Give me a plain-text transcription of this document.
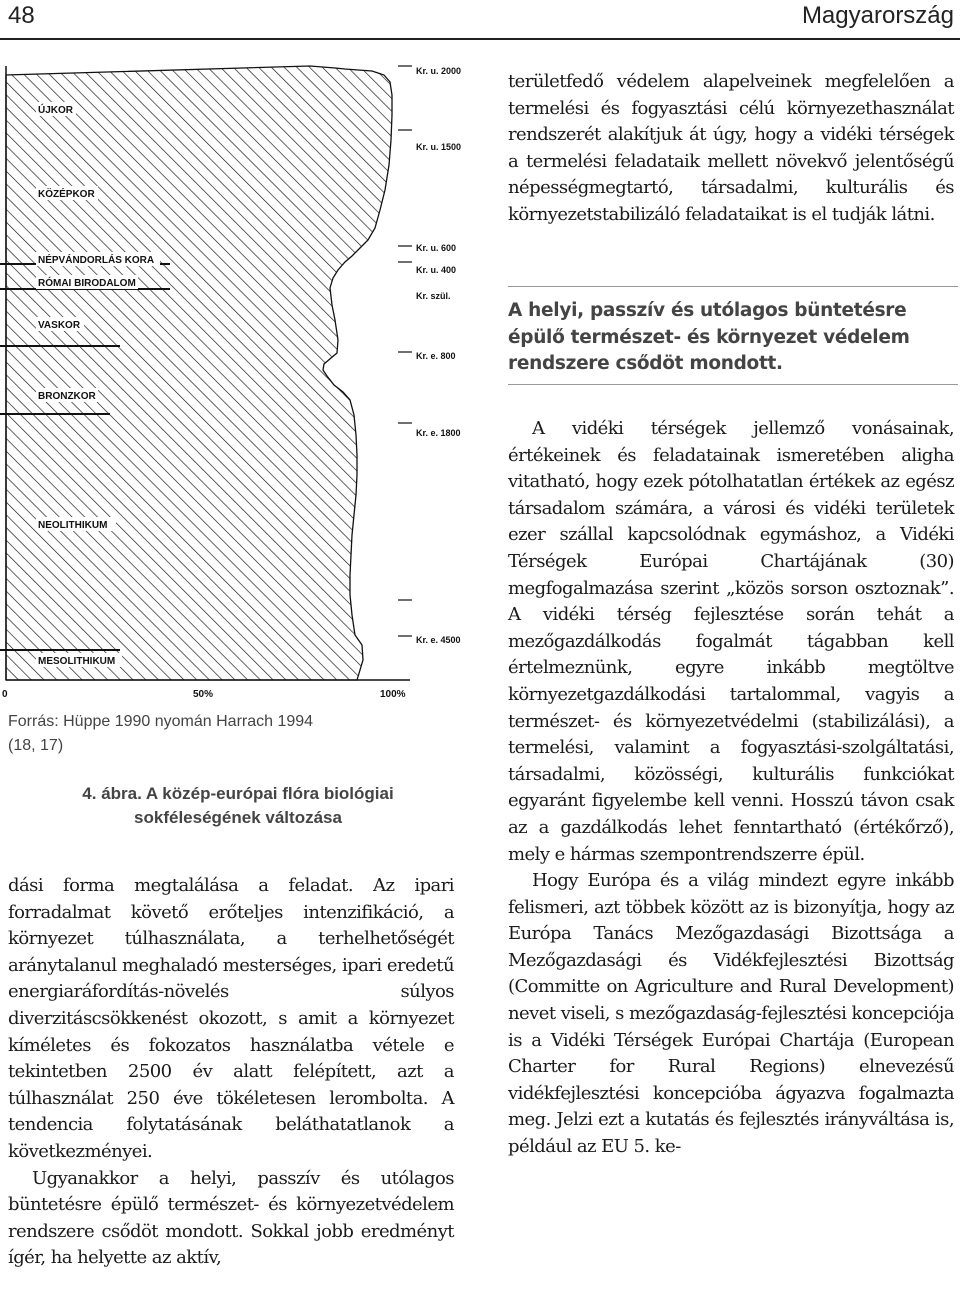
48	Magyarország
ÚJKOR
KÖZÉPKOR
NÉPVÁNDORLÁS KORA
RÓMAI BIRODALOM
VASKOR
BRONZKOR
NEOLITHIKUM
MESOLITHIKUM
Kr. u. 2000
Kr. u. 1500
Kr. u. 600
Kr. u. 400
Kr. szül.
Kr. e. 800
Kr. e. 1800
Kr. e. 4500
0	50%	100%
Forrás: Hüppe 1990 nyomán Harrach 1994 (18, 17)
4. ábra. A közép-európai flóra biológiai
sokféleségének változása

dási forma megtalálása a feladat. Az ipari forradalmat követő erőteljes intenzifikáció, a környezet túlhasználata, a terhelhetőségét aránytalanul meghaladó mesterséges, ipari eredetű energiaráfordítás-növelés súlyos diverzitáscsökkenést okozott, s amit a környezet kíméletes és fokozatos használatba vétele e tekintetben 2500 év alatt felépített, azt a túlhasználat 250 éve tökéletesen lerombolta. A tendencia folytatásának beláthatatlanok a következményei.

Ugyanakkor a helyi, passzív és utólagos büntetésre épülő természet- és környezetvédelem rendszere csődöt mondott. Sokkal jobb eredményt ígér, ha helyette az aktív,

területfedő védelem alapelveinek megfelelően a termelési és fogyasztási célú környezethasználat rendszerét alakítjuk át úgy, hogy a vidéki térségek a termelési feladataik mellett növekvő jelentőségű népességmegtartó, társadalmi, kulturális és környezetstabilizáló feladataikat is el tudják látni.

A helyi, passzív és utólagos büntetésre épülő természet- és környezet védelem rendszere csődöt mondott.

A vidéki térségek jellemző vonásainak, értékeinek és feladatainak ismeretében aligha vitatható, hogy ezek pótolhatatlan értékek az egész társadalom számára, a városi és vidéki területek ezer szállal kapcsolódnak egymáshoz, a Vidéki Térségek Európai Chartájának (30) megfogalmazása szerint „közös sorson osztoznak”. A vidéki térség fejlesztése során tehát a mezőgazdálkodás fogalmát tágabban kell értelmeznünk, egyre inkább megtöltve környezetgazdálkodási tartalommal, vagyis a természet- és környezetvédelmi (stabilizálási), a termelési, valamint a fogyasztási-szolgáltatási, társadalmi, közösségi, kulturális funkciókat egyaránt figyelembe kell venni. Hosszú távon csak az a gazdálkodás lehet fenntartható (értékőrző), mely e hármas szempontrendszerre épül.

Hogy Európa és a világ mindezt egyre inkább felismeri, azt többek között az is bizonyítja, hogy az Európa Tanács Mezőgazdasági Bizottsága a Mezőgazdasági és Vidékfejlesztési Bizottság (Committe on Agriculture and Rural Development) nevet viseli, s mezőgazdaság-fejlesztési koncepciója is a Vidéki Térségek Európai Chartája (European Charter for Rural Regions) elnevezésű vidékfejlesztési koncepcióba ágyazva fogalmazta meg. Jelzi ezt a kutatás és fejlesztés irányváltása is, például az EU 5. ke-
